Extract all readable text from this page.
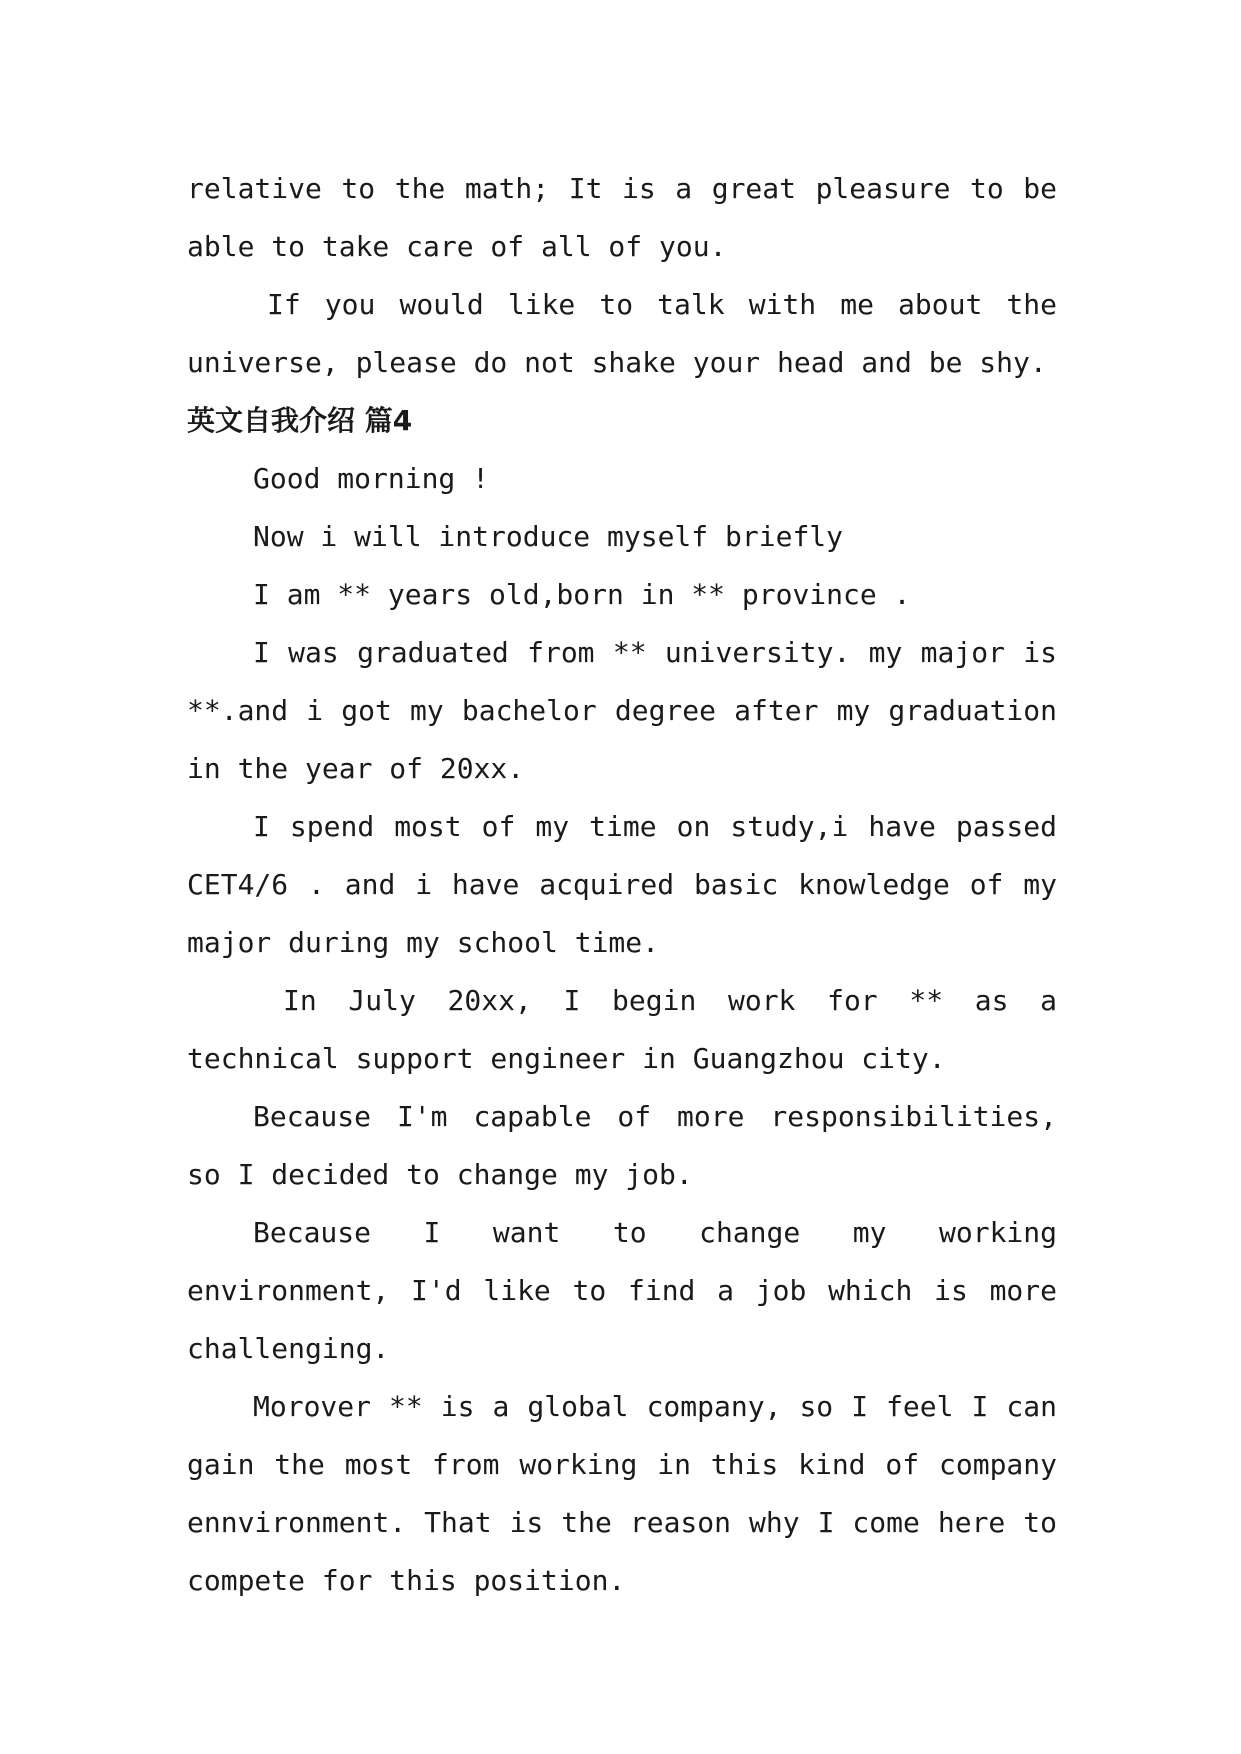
relative to the math; It is a great pleasure to be able to take care of all of you.

If you would like to talk with me about the universe, please do not shake your head and be shy.

英文自我介绍 篇4

Good morning !

Now i will introduce myself briefly

I am ** years old,born in ** province .

I was graduated from ** university. my major is **.and i got my bachelor degree after my graduation in the year of 20xx.

I spend most of my time on study,i have passed CET4/6 . and i have acquired basic knowledge of my major during my school time.

In July 20xx, I begin work for ** as a technical support engineer in Guangzhou city.

Because I'm capable of more responsibilities, so I decided to change my job.

Because I want to change my working environment, I'd like to find a job which is more challenging.

Morover ** is a global company, so I feel I can gain the most from working in this kind of company ennvironment. That is the reason why I come here to compete for this position.
